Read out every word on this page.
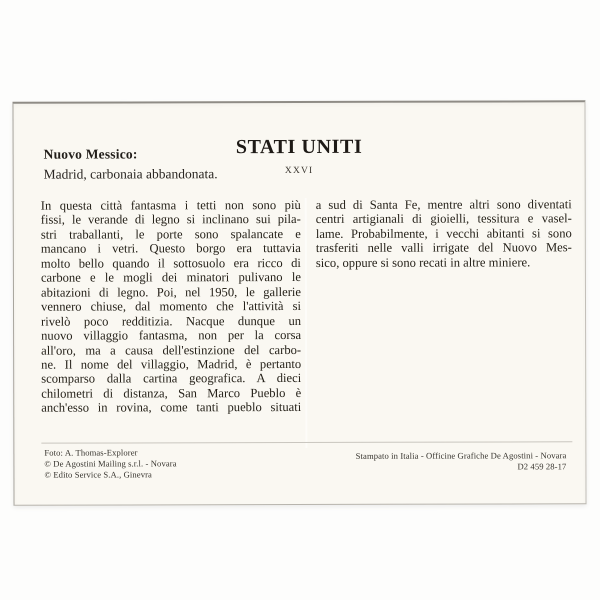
STATI UNITI
XXVI
Nuovo Messico:
Madrid, carbonaia abbandonata.
In questa città fantasma i tetti non sono più
fissi, le verande di legno si inclinano sui pila-
stri traballanti, le porte sono spalancate e
mancano i vetri. Questo borgo era tuttavia
molto bello quando il sottosuolo era ricco di
carbone e le mogli dei minatori pulivano le
abitazioni di legno. Poi, nel 1950, le gallerie
vennero chiuse, dal momento che l'attività si
rivelò poco redditizia. Nacque dunque un
nuovo villaggio fantasma, non per la corsa
all'oro, ma a causa dell'estinzione del carbo-
ne. Il nome del villaggio, Madrid, è pertanto
scomparso dalla cartina geografica. A dieci
chilometri di distanza, San Marco Pueblo è
anch'esso in rovina, come tanti pueblo situati
a sud di Santa Fe, mentre altri sono diventati
centri artigianali di gioielli, tessitura e vasel-
lame. Probabilmente, i vecchi abitanti si sono
trasferiti nelle valli irrigate del Nuovo Mes-
sico, oppure si sono recati in altre miniere.
Foto: A. Thomas-Explorer
© De Agostini Mailing s.r.l. - Novara
© Edito Service S.A., Ginevra
Stampato in Italia - Officine Grafiche De Agostini - Novara
D2 459 28-17
